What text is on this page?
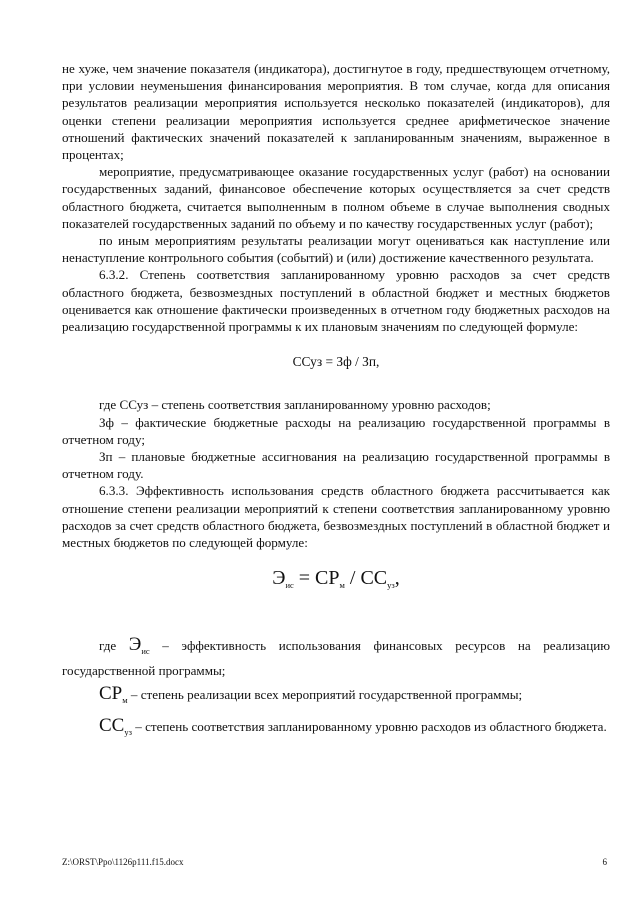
не хуже, чем значение показателя (индикатора), достигнутое в году, предшествующем отчетному, при условии неуменьшения финансирования мероприятия. В том случае, когда для описания результатов реализации мероприятия используется несколько показателей (индикаторов), для оценки степени реализации мероприятия используется среднее арифметическое значение отношений фактических значений показателей к запланированным значениям, выраженное в процентах;

мероприятие, предусматривающее оказание государственных услуг (работ) на основании государственных заданий, финансовое обеспечение которых осуществляется за счет средств областного бюджета, считается выполненным в полном объеме в случае выполнения сводных показателей государственных заданий по объему и по качеству государственных услуг (работ);

по иным мероприятиям результаты реализации могут оцениваться как наступление или ненаступление контрольного события (событий) и (или) достижение качественного результата.

6.3.2. Степень соответствия запланированному уровню расходов за счет средств областного бюджета, безвозмездных поступлений в областной бюджет и местных бюджетов оценивается как отношение фактически произведенных в отчетном году бюджетных расходов на реализацию государственной программы к их плановым значениям по следующей формуле:

ССуз = Зф / Зп,

где ССуз – степень соответствия запланированному уровню расходов;

Зф – фактические бюджетные расходы на реализацию государственной программы в отчетном году;

Зп – плановые бюджетные ассигнования на реализацию государственной программы в отчетном году.

6.3.3. Эффективность использования средств областного бюджета рассчитывается как отношение степени реализации мероприятий к степени соответствия запланированному уровню расходов за счет средств областного бюджета, безвозмездных поступлений в областной бюджет и местных бюджетов по следующей формуле:

$Э_{ис} = СР_м / СС_{уз}$,

где $Э_{ис}$ – эффективность использования финансовых ресурсов на реализацию государственной программы;

$СР_м$ – степень реализации всех мероприятий государственной программы;

$СС_{уз}$ – степень соответствия запланированному уровню расходов из областного бюджета.

Z:\ORST\Ppo\1126p111.f15.docx	6
